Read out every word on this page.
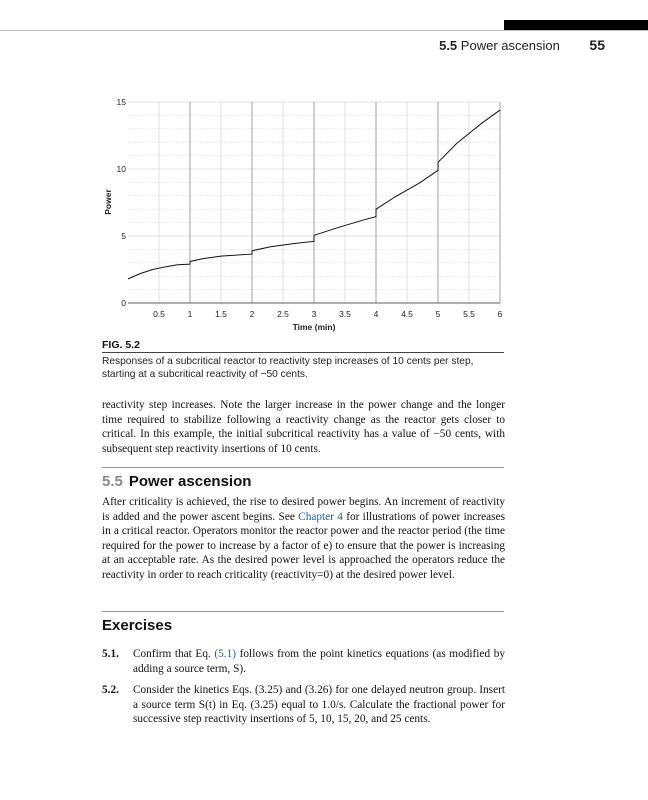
5.5 Power ascension 55
0.5	1	1.5	2	2.5	3	3.5	4	4.5	5	5.5	6
0
5
10
15
Time (min)
Power
FIG. 5.2
Responses of a subcritical reactor to reactivity step increases of 10 cents per step, starting at a subcritical reactivity of −50 cents.
reactivity step increases. Note the larger increase in the power change and the longer time required to stabilize following a reactivity change as the reactor gets closer to critical. In this example, the initial subcritical reactivity has a value of −50 cents, with subsequent step reactivity insertions of 10 cents.
5.5 Power ascension
After criticality is achieved, the rise to desired power begins. An increment of reactivity is added and the power ascent begins. See Chapter 4 for illustrations of power increases in a critical reactor. Operators monitor the reactor power and the reactor period (the time required for the power to increase by a factor of e) to ensure that the power is increasing at an acceptable rate. As the desired power level is approached the operators reduce the reactivity in order to reach criticality (reactivity=0) at the desired power level.
Exercises
5.1. Confirm that Eq. (5.1) follows from the point kinetics equations (as modified by adding a source term, S).
5.2. Consider the kinetics Eqs. (3.25) and (3.26) for one delayed neutron group. Insert a source term S(t) in Eq. (3.25) equal to 1.0/s. Calculate the fractional power for successive step reactivity insertions of 5, 10, 15, 20, and 25 cents.
